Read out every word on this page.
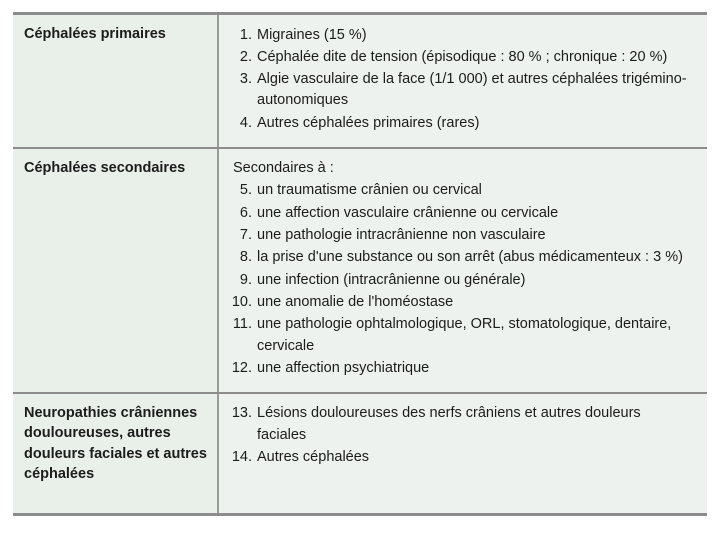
Céphalées primaires	1. Migraines (15 %)
2. Céphalée dite de tension (épisodique : 80 % ; chronique : 20 %)
3. Algie vasculaire de la face (1/1 000) et autres céphalées trigémino-autonomiques
4. Autres céphalées primaires (rares)
Céphalées secondaires	Secondaires à :

5. un traumatisme crânien ou cervical
6. une affection vasculaire crânienne ou cervicale
7. une pathologie intracrânienne non vasculaire
8. la prise d'une substance ou son arrêt (abus médicamenteux : 3 %)
9. une infection (intracrânienne ou générale)
10. une anomalie de l'homéostase
11. une pathologie ophtalmologique, ORL, stomatologique, dentaire, cervicale
12. une affection psychiatrique
Neuropathies crâniennes douloureuses, autres douleurs faciales et autres céphalées
13. Lésions douloureuses des nerfs crâniens et autres douleurs faciales
14. Autres céphalées
